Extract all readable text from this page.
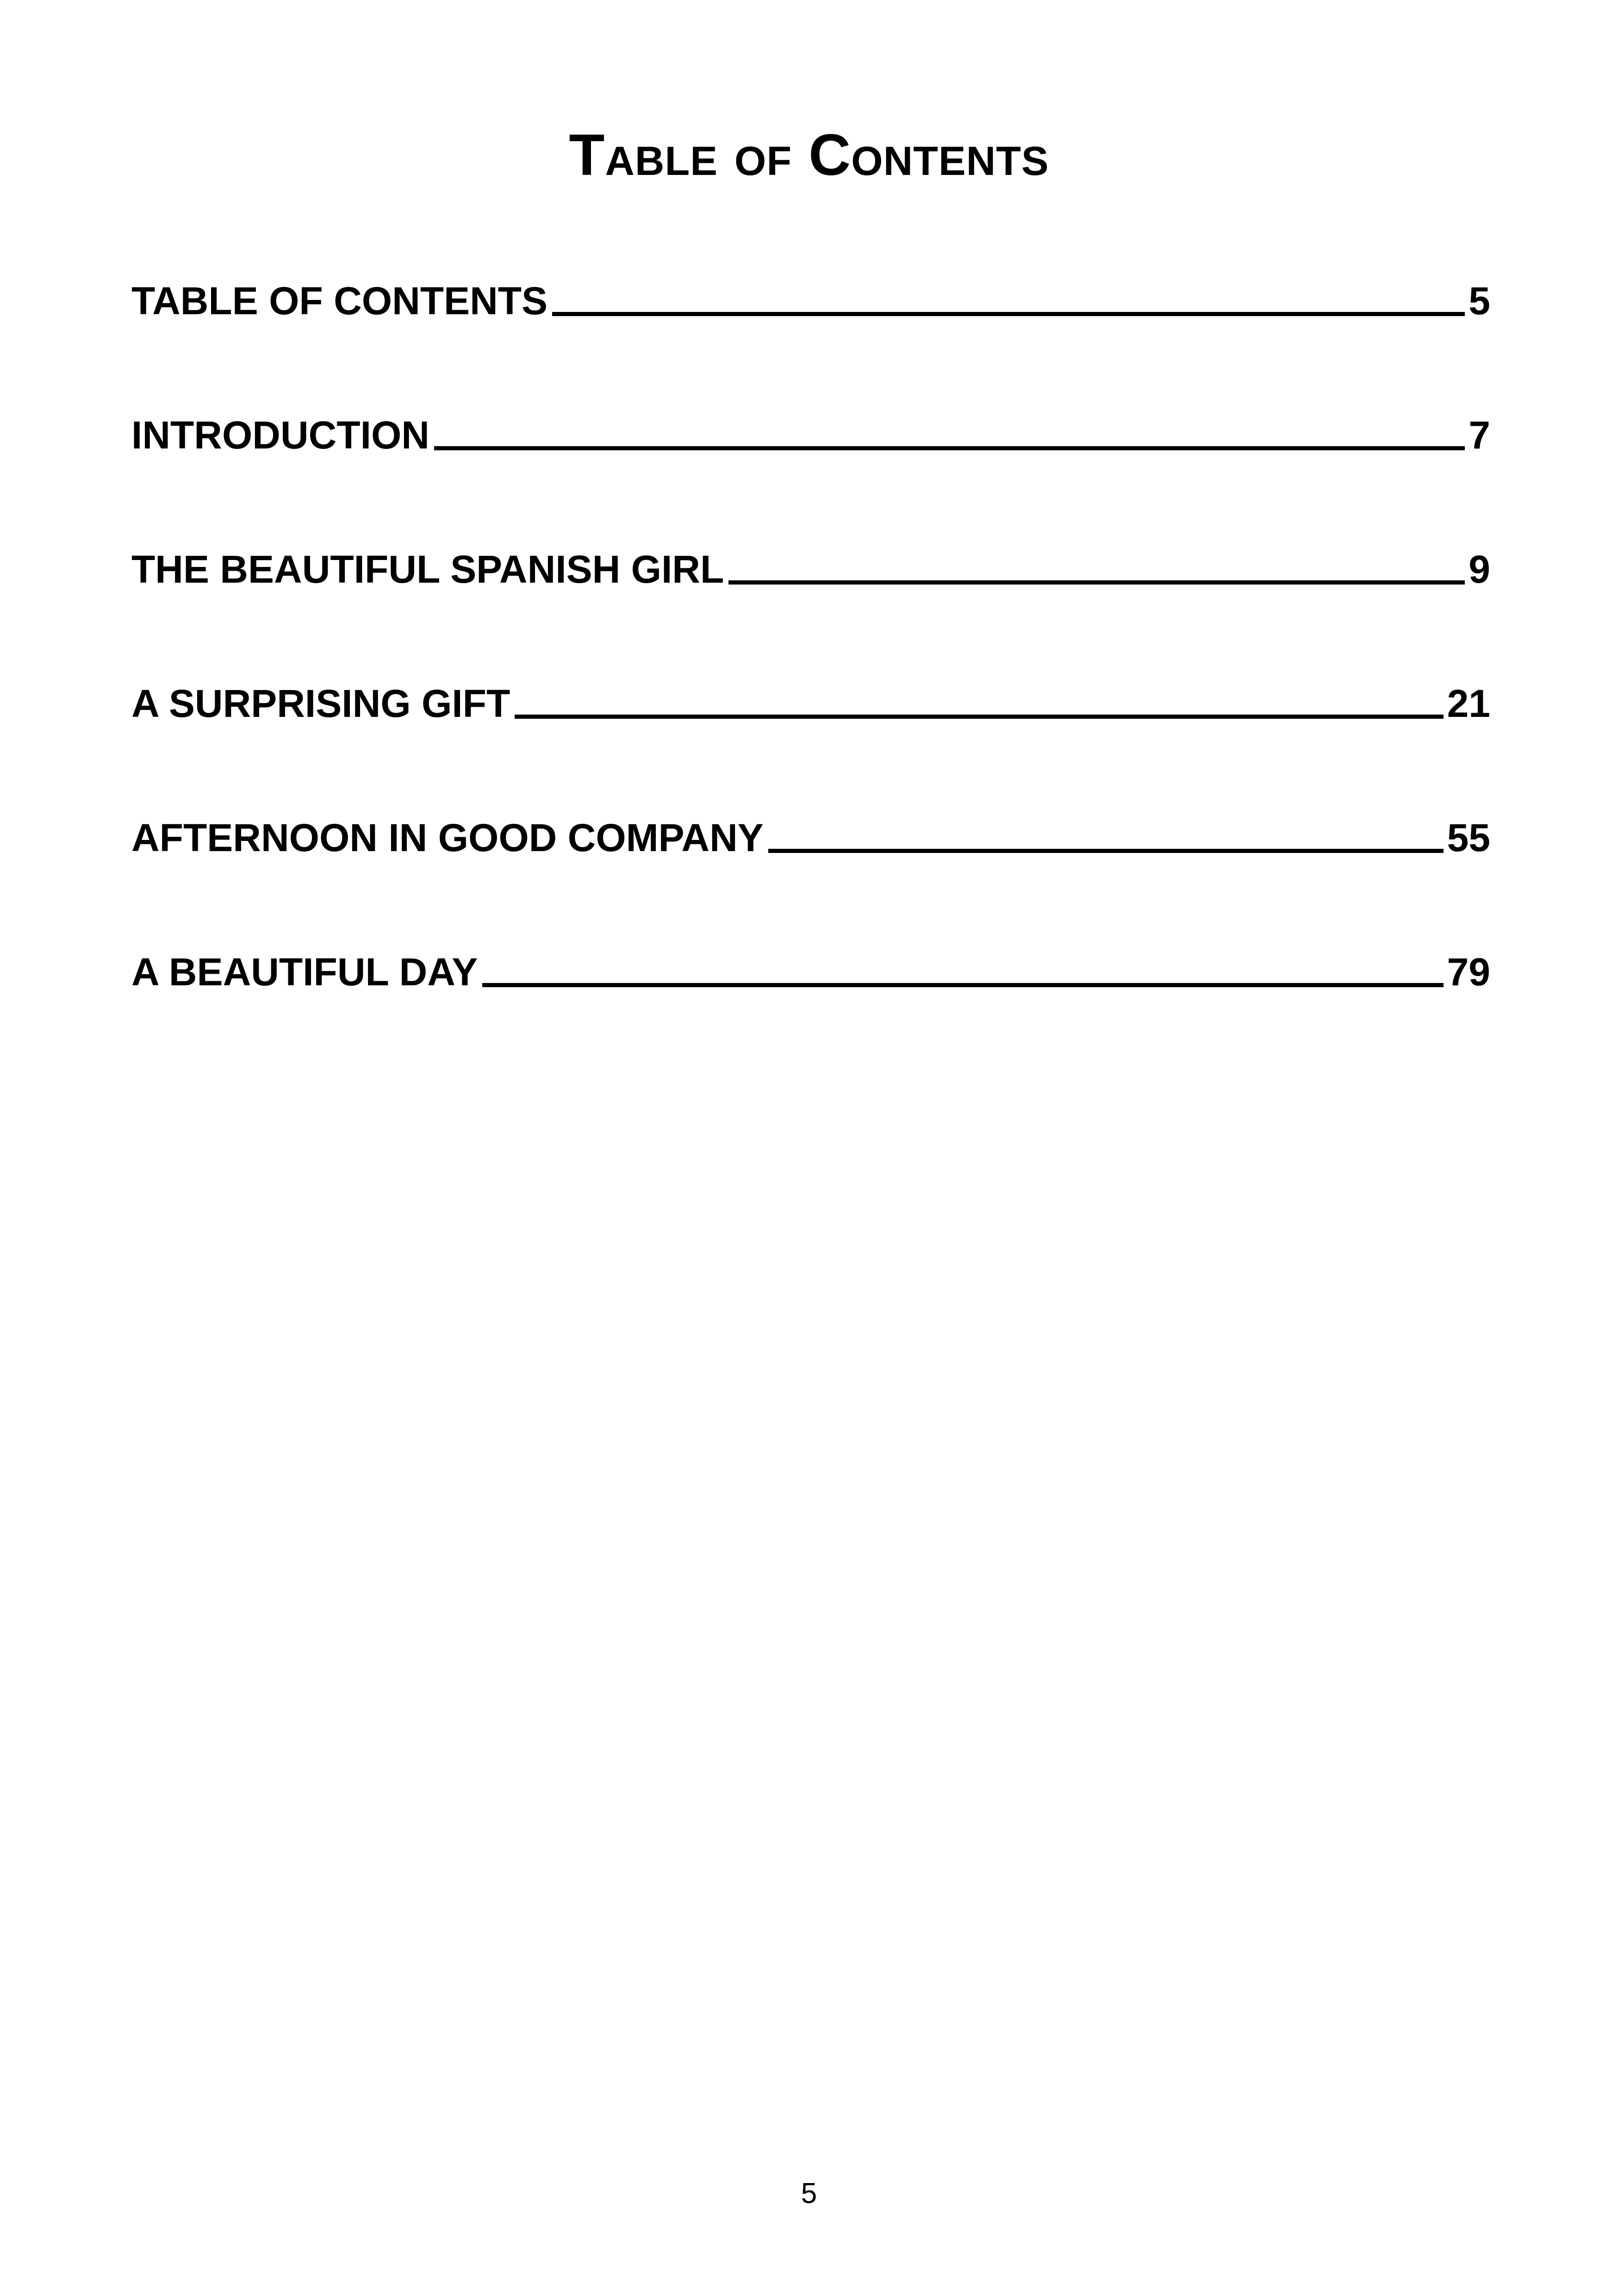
Table of Contents
TABLE OF CONTENTS	5
INTRODUCTION	7
THE BEAUTIFUL SPANISH GIRL	9
A SURPRISING GIFT	21
AFTERNOON IN GOOD COMPANY	55
A BEAUTIFUL DAY	79
5
